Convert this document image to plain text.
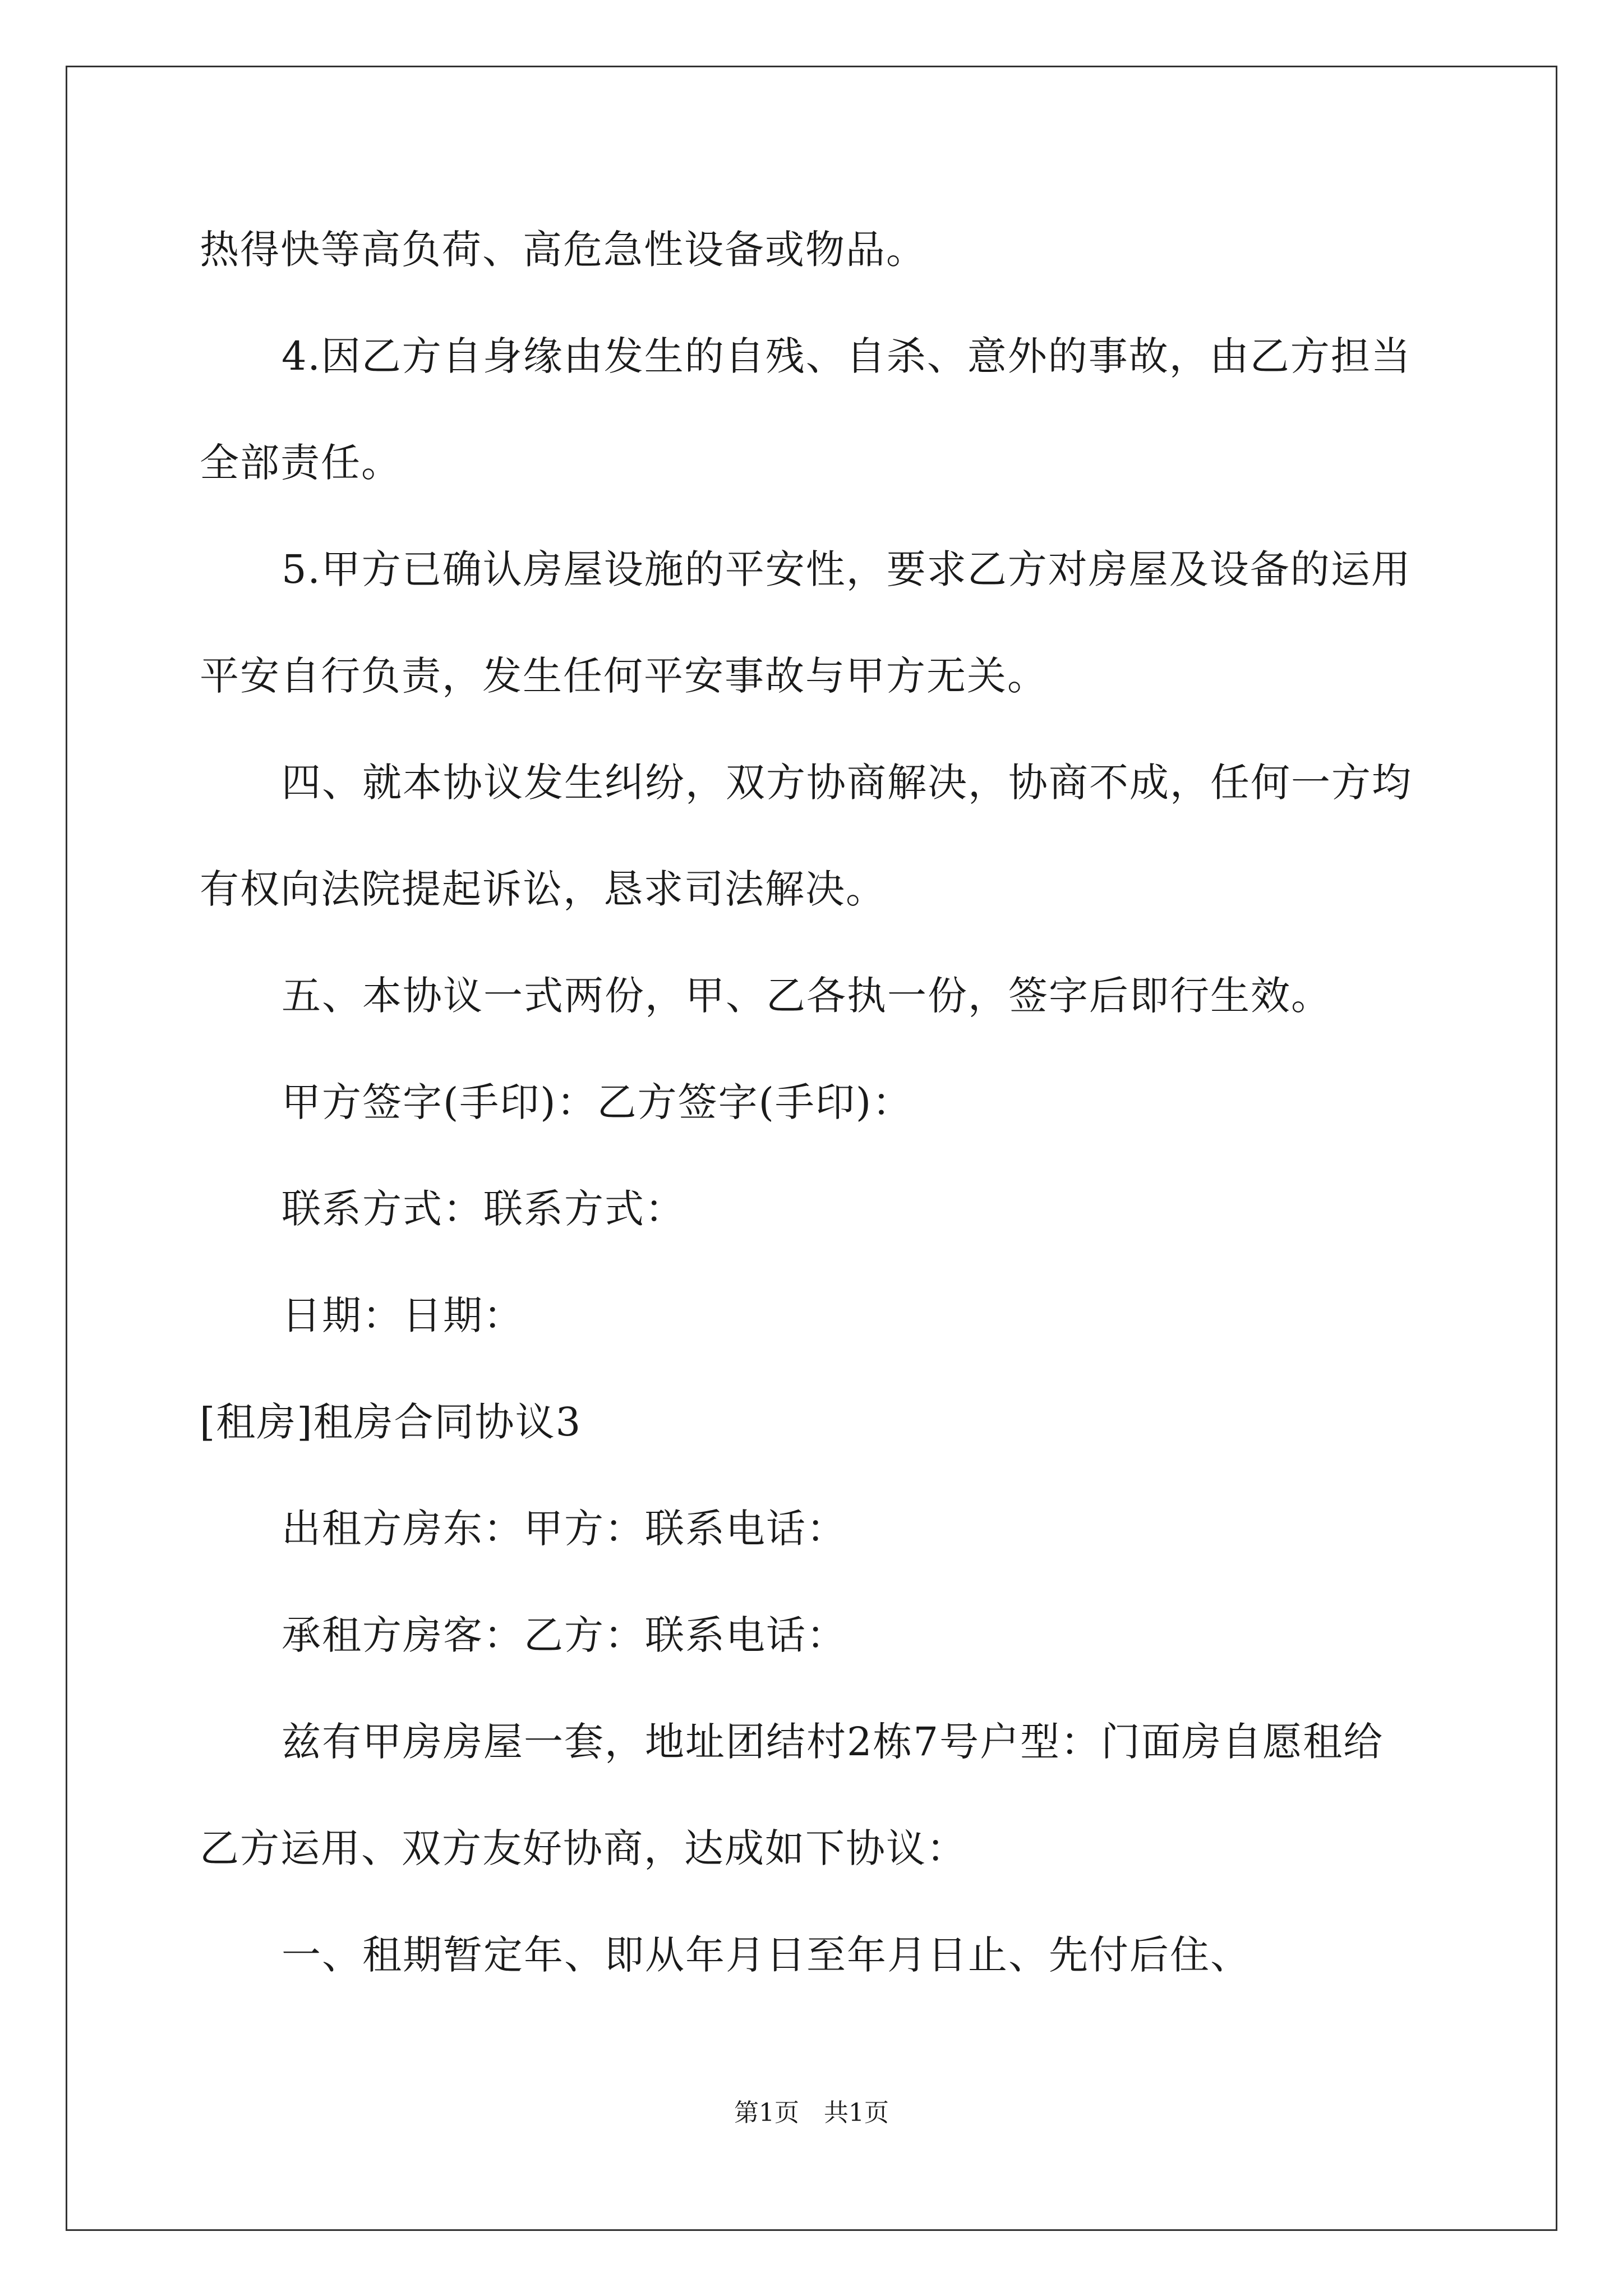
热得快等高负荷、高危急性设备或物品。
4.因乙方自身缘由发生的自残、自杀、意外的事故，由乙方担当
全部责任。
5.甲方已确认房屋设施的平安性，要求乙方对房屋及设备的运用
平安自行负责，发生任何平安事故与甲方无关。
四、就本协议发生纠纷，双方协商解决，协商不成，任何一方均
有权向法院提起诉讼，恳求司法解决。
五、本协议一式两份，甲、乙各执一份，签字后即行生效。
甲方签字(手印)：乙方签字(手印)：
联系方式：联系方式：
日期：日期：
[租房]租房合同协议3
出租方房东：甲方：联系电话：
承租方房客：乙方：联系电话：
兹有甲房房屋一套，地址团结村2栋7号户型：门面房自愿租给
乙方运用、双方友好协商，达成如下协议：
一、租期暂定年、即从年月日至年月日止、先付后住、
第1页　共1页
